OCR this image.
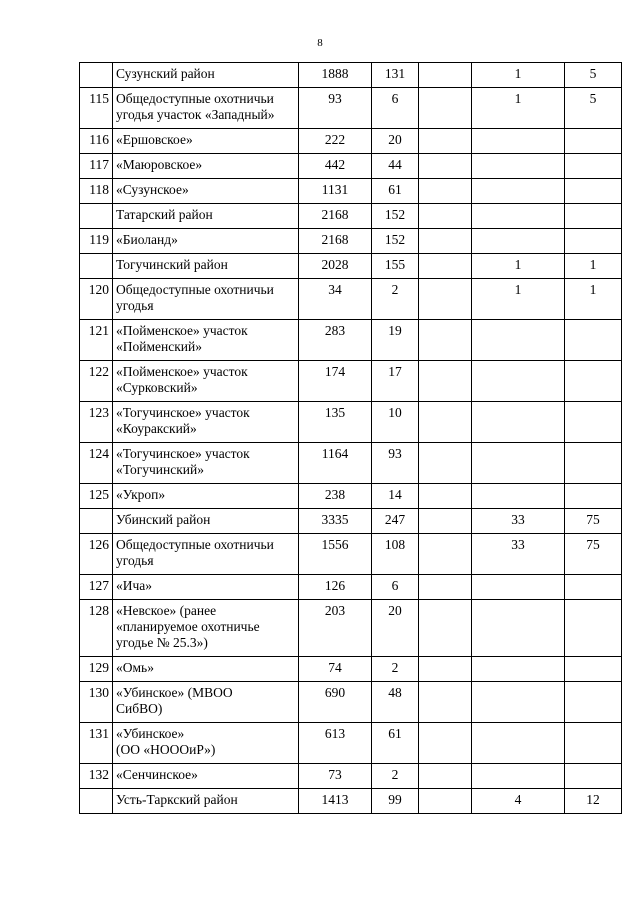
8
	Сузунский район	1888	131		1	5
115	Общедоступные охотничьи
угодья участок «Западный»	93	6		1	5
116	«Ершовское»	222	20			
117	«Маюровское»	442	44			
118	«Сузунское»	1131	61			
	Татарский район	2168	152			
119	«Биоланд»	2168	152			
	Тогучинский район	2028	155		1	1
120	Общедоступные охотничьи
угодья	34	2		1	1
121	«Пойменское» участок
«Пойменский»	283	19			
122	«Пойменское» участок
«Сурковский»	174	17			
123	«Тогучинское» участок
«Коуракский»	135	10			
124	«Тогучинское» участок
«Тогучинский»	1164	93			
125	«Укроп»	238	14			
	Убинский район	3335	247		33	75
126	Общедоступные охотничьи
угодья	1556	108		33	75
127	«Ича»	126	6			
128	«Невское» (ранее
«планируемое охотничье
угодье № 25.3»)	203	20			
129	«Омь»	74	2			
130	«Убинское» (МВОО
СибВО)	690	48			
131	«Убинское»
(ОО «НОООиР»)	613	61			
132	«Сенчинское»	73	2			
	Усть-Таркский район	1413	99		4	12
